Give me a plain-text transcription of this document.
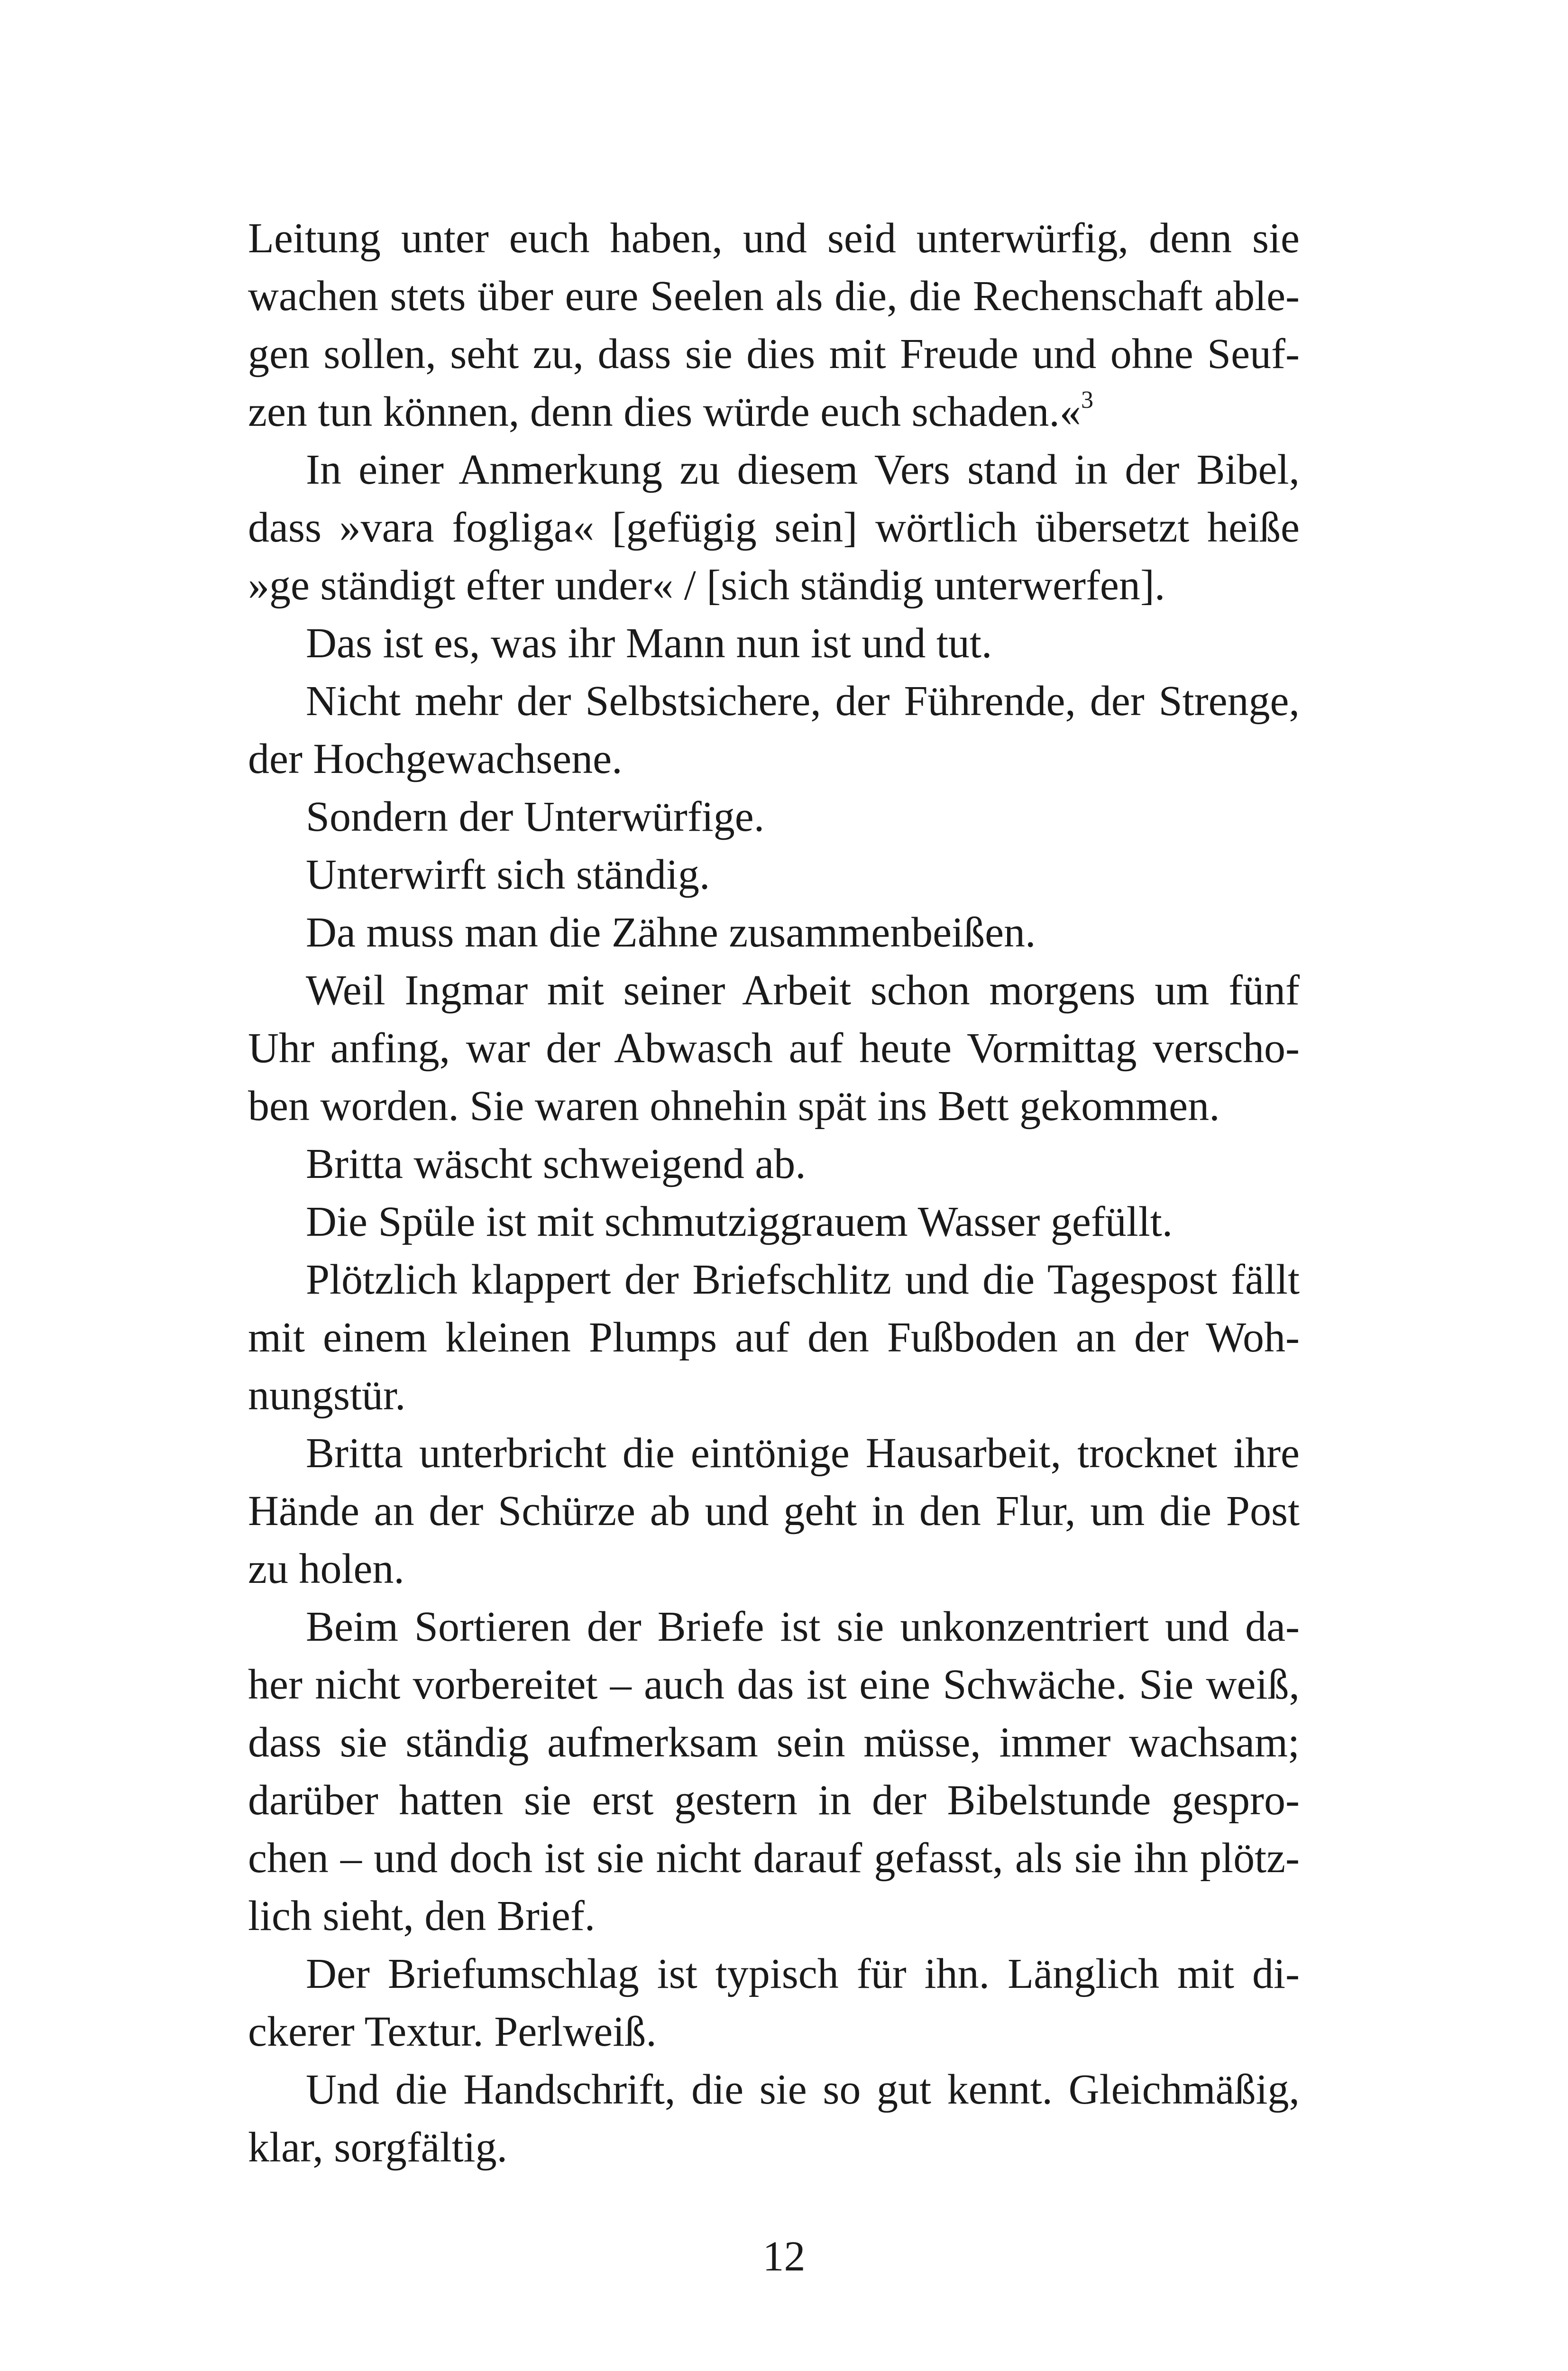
Leitung unter euch haben, und seid unterwürfig, denn sie
wachen stets über eure Seelen als die, die Rechenschaft able-
gen sollen, seht zu, dass sie dies mit Freude und ohne Seuf-
zen tun können, denn dies würde euch schaden.«$^3$
In einer Anmerkung zu diesem Vers stand in der Bibel,
dass »vara fogliga« [gefügig sein] wörtlich übersetzt heiße
»ge ständigt efter under« / [sich ständig unterwerfen].
Das ist es, was ihr Mann nun ist und tut.
Nicht mehr der Selbstsichere, der Führende, der Strenge,
der Hochgewachsene.
Sondern der Unterwürfige.
Unterwirft sich ständig.
Da muss man die Zähne zusammenbeißen.
Weil Ingmar mit seiner Arbeit schon morgens um fünf
Uhr anfing, war der Abwasch auf heute Vormittag verscho-
ben worden. Sie waren ohnehin spät ins Bett gekommen.
Britta wäscht schweigend ab.
Die Spüle ist mit schmutziggrauem Wasser gefüllt.
Plötzlich klappert der Briefschlitz und die Tagespost fällt
mit einem kleinen Plumps auf den Fußboden an der Woh-
nungstür.
Britta unterbricht die eintönige Hausarbeit, trocknet ihre
Hände an der Schürze ab und geht in den Flur, um die Post
zu holen.
Beim Sortieren der Briefe ist sie unkonzentriert und da-
her nicht vorbereitet – auch das ist eine Schwäche. Sie weiß,
dass sie ständig aufmerksam sein müsse, immer wachsam;
darüber hatten sie erst gestern in der Bibelstunde gespro-
chen – und doch ist sie nicht darauf gefasst, als sie ihn plötz-
lich sieht, den Brief.
Der Briefumschlag ist typisch für ihn. Länglich mit di-
ckerer Textur. Perlweiß.
Und die Handschrift, die sie so gut kennt. Gleichmäßig,
klar, sorgfältig.
12
